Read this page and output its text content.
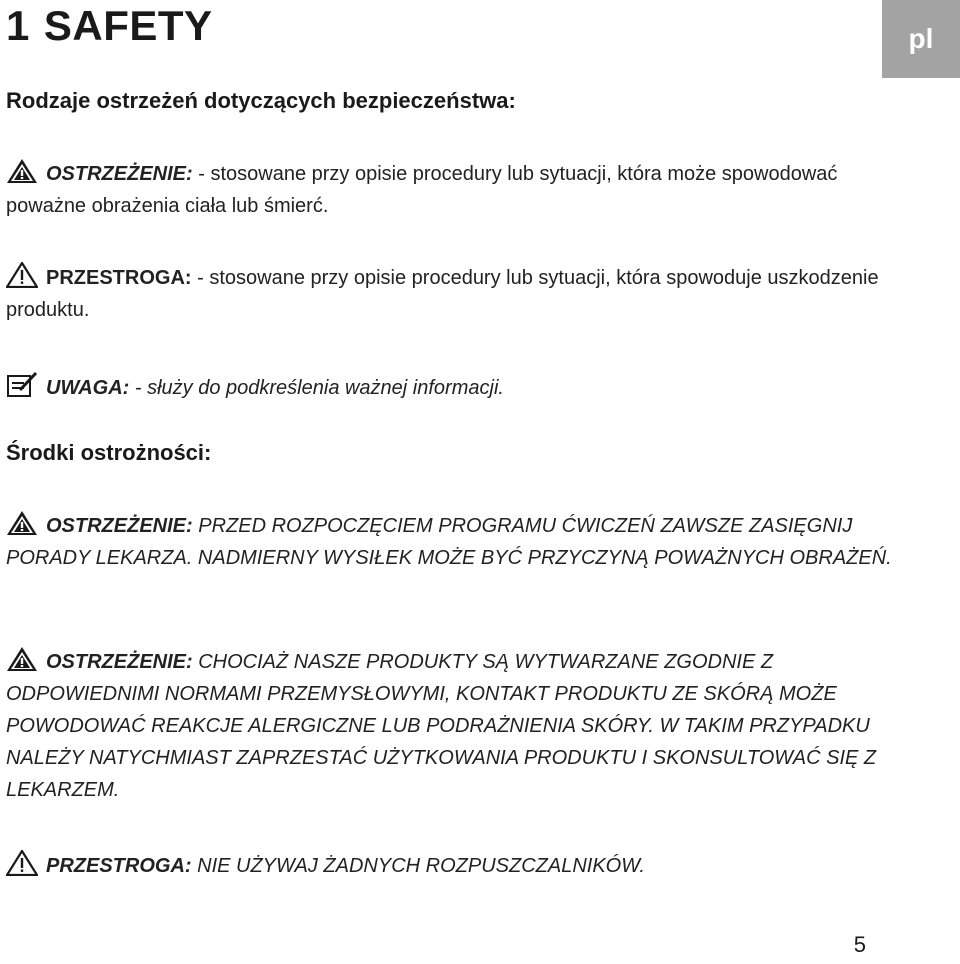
1 SAFETY	pl
Rodzaje ostrzeżeń dotyczących bezpieczeństwa:
OSTRZEŻENIE: - stosowane przy opisie procedury lub sytuacji, która może spowodować poważne obrażenia ciała lub śmierć.
PRZESTROGA: - stosowane przy opisie procedury lub sytuacji, która spowoduje uszkodzenie produktu.
UWAGA: - służy do podkreślenia ważnej informacji.
Środki ostrożności:
OSTRZEŻENIE: PRZED ROZPOCZĘCIEM PROGRAMU ĆWICZEŃ ZAWSZE ZASIĘGNIJ PORADY LEKARZA. NADMIERNY WYSIŁEK MOŻE BYĆ PRZYCZYNĄ POWAŻNYCH OBRAŻEŃ.
OSTRZEŻENIE: CHOCIAŻ NASZE PRODUKTY SĄ WYTWARZANE ZGODNIE Z ODPOWIEDNIMI NORMAMI PRZEMYSŁOWYMI, KONTAKT PRODUKTU ZE SKÓRĄ MOŻE POWODOWAĆ REAKCJE ALERGICZNE LUB PODRAŻNIENIA SKÓRY. W TAKIM PRZYPADKU NALEŻY NATYCHMIAST ZAPRZESTAĆ UŻYTKOWANIA PRODUKTU I SKONSULTOWAĆ SIĘ Z LEKARZEM.
PRZESTROGA: NIE UŻYWAJ ŻADNYCH ROZPUSZCZALNIKÓW.
5
